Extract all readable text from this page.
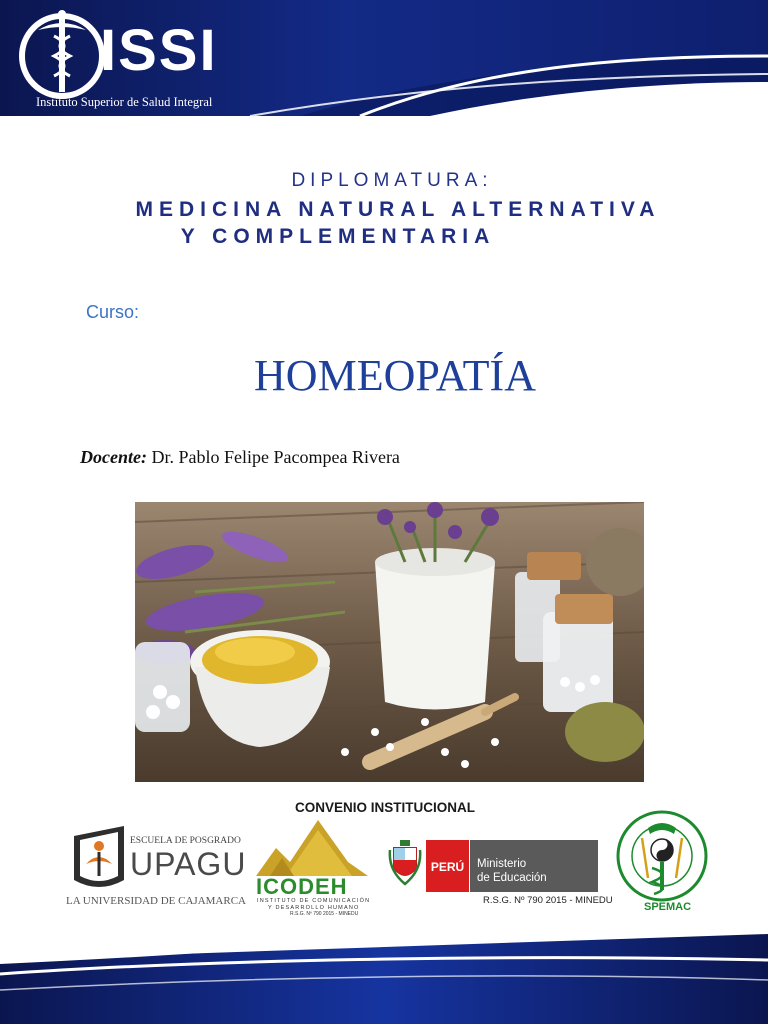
ISSI
Instituto Superior de Salud Integral
DIPLOMATURA:
MEDICINA NATURAL ALTERNATIVA
Y COMPLEMENTARIA
Curso:
HOMEOPATÍA
Docente: Dr. Pablo Felipe Pacompea Rivera
CONVENIO INSTITUCIONAL
ESCUELA DE POSGRADO
UPAGU
LA UNIVERSIDAD DE CAJAMARCA
ICODEH
INSTITUTO DE COMUNICACIÓN
Y DESARROLLO HUMANO
R.S.G. Nº 790 2015 - MINEDU
PERÚ	Ministerio
de Educación
R.S.G. Nº 790 2015 - MINEDU
SPEMAC
